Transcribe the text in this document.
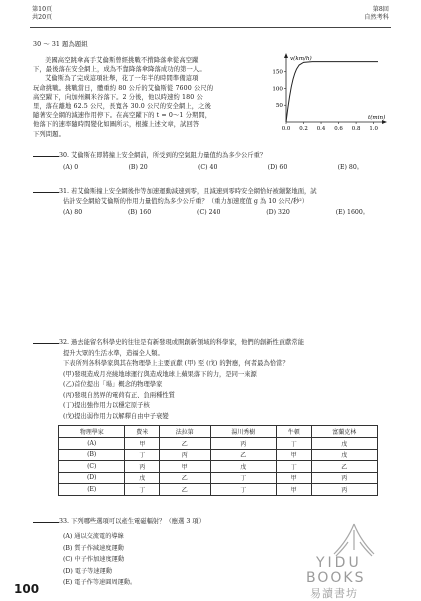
第10頁
共20頁
第8回
自然考科
30 ～ 31 題為題組
美國高空跳傘高手艾倫斯曾經挑戰不揹降落傘從高空躍
下，最後落在安全網上，成為不靠降落傘降落成功的第一人。
艾倫斯為了完成這項壯舉，花了一年半的時間準備這項
玩命挑戰。挑戰當日，體重約 80 公斤的艾倫斯從 7600 公尺的
高空躍下，向加州鋼米谷落下。2 分後，他以時速約 180 公
里，落在離地 62.5 公尺，長寬各 30.0 公尺的安全網上，之後
隨著安全網的減速作用停下。在高空躍下的 t = 0～1 分期間，
他落下的速率隨時間變化如圖所示，根據上述文章，試回答
下列問題。
v(km/h)
t(min)
150
100
50
0.0 0.2 0.4 0.6 0.8 1.0
30. 艾倫斯在即將撞上安全網前，所受到的空氣阻力量值約為多少公斤重？
(A) 0	(B) 20	(C) 40	(D) 60	(E) 80。
31. 若艾倫斯撞上安全網後作等加速運動減速到零，且減速到零時安全網恰好被繃緊地面，試
估計安全網給艾倫斯的作用力量值約為多少公斤重？（重力加速度值 g 為 10 公尺/秒²）
(A) 80	(B) 160	(C) 240	(D) 320	(E) 1600。
32. 過去能留名科學史的往往是有新發現或開創新領域的科學家，他們的創新性貢獻常能
提升大眾的生活水準，造福全人類。
下表所列各科學家與其在物理學上主要貢獻 (甲) 至 (戊) 的對應，何者最為恰當？
(甲)發現造成月亮繞地球運行與造成地球上蘋果落下的力，是同一來源
(乙)首位提出「場」概念的物理學家
(丙)發現自然界的電荷有正、負兩種性質
(丁)提出強作用力以穩定原子核
(戊)提出弱作用力以解釋自由中子衰變
物理學家	費米	法拉第	湯川秀樹	牛頓	富蘭克林
(A)	甲	乙	丙	丁	戊
(B)	丁	丙	乙	甲	戊
(C)	丙	甲	戊	丁	乙
(D)	戊	乙	丁	甲	丙
(E)	丁	乙	丁	甲	丙
33. 下列哪些選項可以產生電磁輻射？（應選 3 項）
(A) 通以交流電的導線
(B) 質子作減速度運動
(C) 中子作加速度運動
(D) 電子等速運動
(E) 電子作等速圓周運動。
YIDU
BOOKS
易讀書坊
100
